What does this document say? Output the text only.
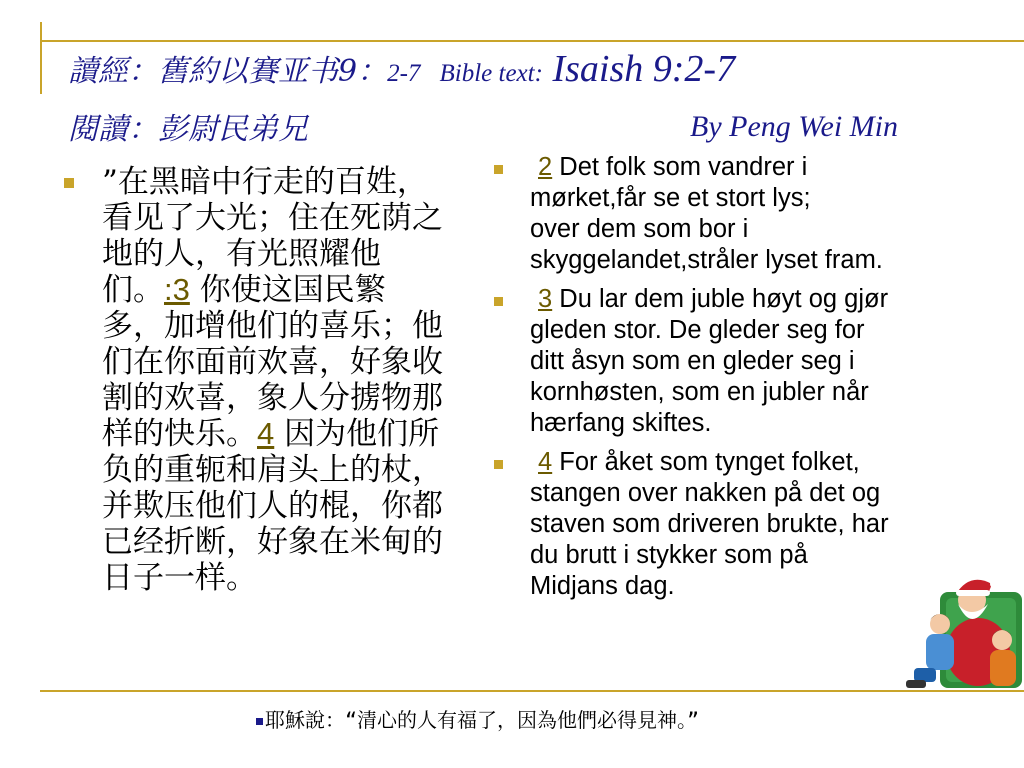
讀經：舊約以賽亚书9：2-7 Bible text: Isaish 9:2-7
閱讀：彭尉民弟兄	By Peng Wei Min
”在黑暗中行走的百姓，看见了大光；住在死荫之地的人，有光照耀他们。:3 你使这国民繁多，加增他们的喜乐；他们在你面前欢喜，好象收割的欢喜，象人分掳物那样的快乐。4 因为他们所负的重轭和肩头上的杖，并欺压他们人的棍，你都已经折断，好象在米甸的日子一样。
2 Det folk som vandrer i
mørket,får se et stort lys;
over dem som bor i
skyggelandet,stråler lyset fram.
3 Du lar dem juble høyt og gjør
gleden stor. De gleder seg for
ditt åsyn som en gleder seg i
kornhøsten, som en jubler når
hærfang skiftes.
4 For åket som tynget folket,
stangen over nakken på det og
staven som driveren brukte, har
du brutt i stykker som på
Midjans dag.
耶穌說：“清心的人有福了，因為他們必得見神。”
